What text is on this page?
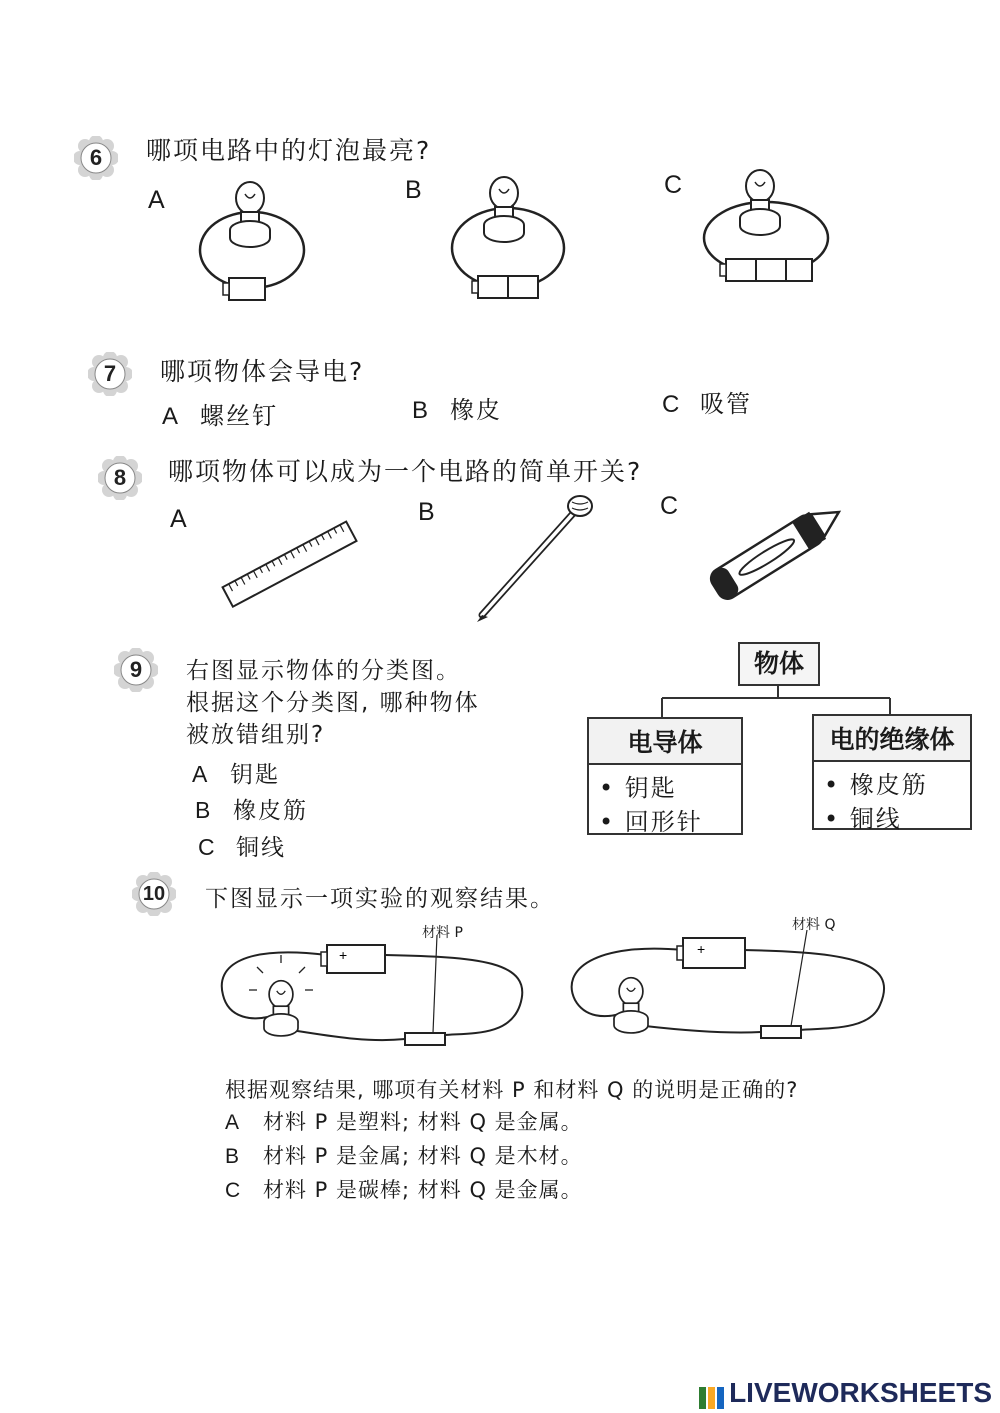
6	哪项电路中的灯泡最亮?
A	B	C
7	哪项物体会导电?
A 螺丝钉	B 橡皮	C 吸管
8	哪项物体可以成为一个电路的简单开关?
A	B	C
9	右图显示物体的分类图。
根据这个分类图, 哪种物体
被放错组别?
A 钥匙
B 橡皮筋
C 铜线
物体
电导体
• 钥匙
• 回形针
电的绝缘体
• 橡皮筋
• 铜线
10	下图显示一项实验的观察结果。
材料 P	材料 Q
+	+
根据观察结果, 哪项有关材料 P 和材料 Q 的说明是正确的?
A 材料 P 是塑料; 材料 Q 是金属。
B 材料 P 是金属; 材料 Q 是木材。
C 材料 P 是碳棒; 材料 Q 是金属。
LIVEWORKSHEETS
